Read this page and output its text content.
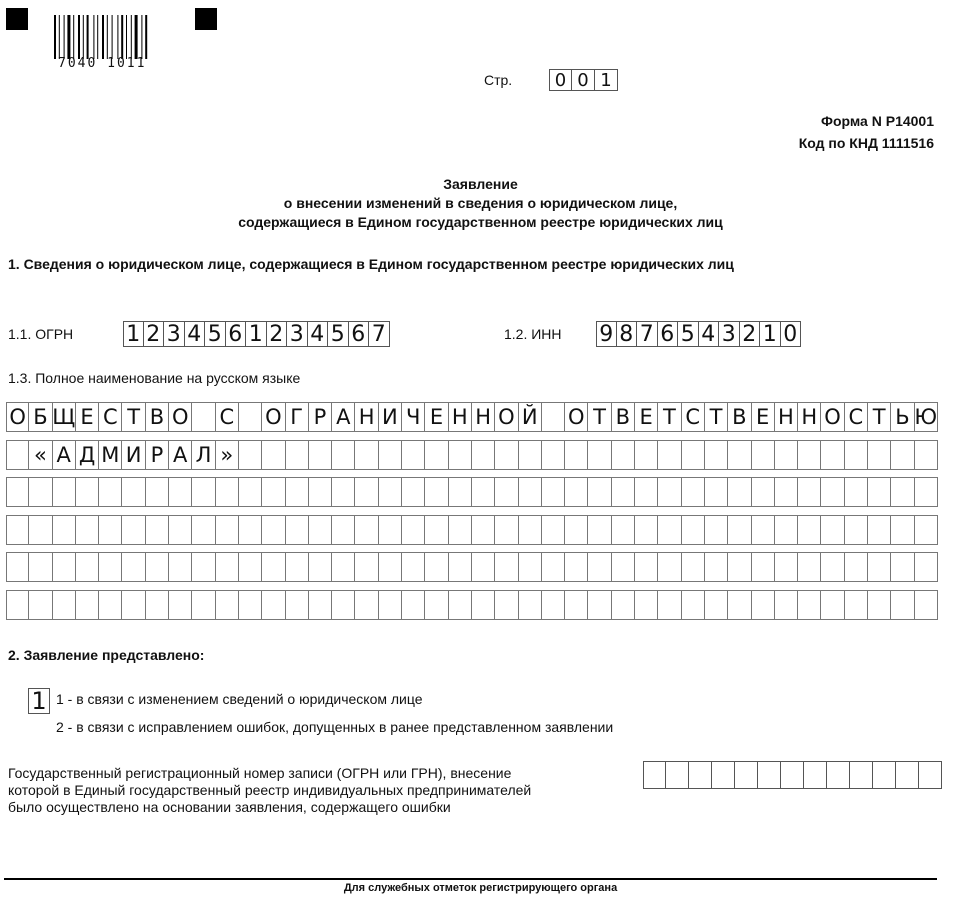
7040 1011
Стр.	0 0 1
Форма N Р14001
Код по КНД 1111516
Заявление
о внесении изменений в сведения о юридическом лице,
содержащиеся в Едином государственном реестре юридических лиц
1. Сведения о юридическом лице, содержащиеся в Едином государственном реестре юридических лиц
1.1. ОГРН 1 2 3 4 5 6 1 2 3 4 5 6 7	1.2. ИНН 9 8 7 6 5 4 3 2 1 0
1.3. Полное наименование на русском языке
О Б Щ Е С Т В О С О Г Р А Н И Ч Е Н Н О Й О Т В Е Т С Т В Е Н Н О С Т Ь Ю
« А Д М И Р А Л »
2. Заявление представлено:
1 1 - в связи с изменением сведений о юридическом лице
2 - в связи с исправлением ошибок, допущенных в ранее представленном заявлении
Государственный регистрационный номер записи (ОГРН или ГРН), внесение
которой в Единый государственный реестр индивидуальных предпринимателей
было осуществлено на основании заявления, содержащего ошибки
Для служебных отметок регистрирующего органа
